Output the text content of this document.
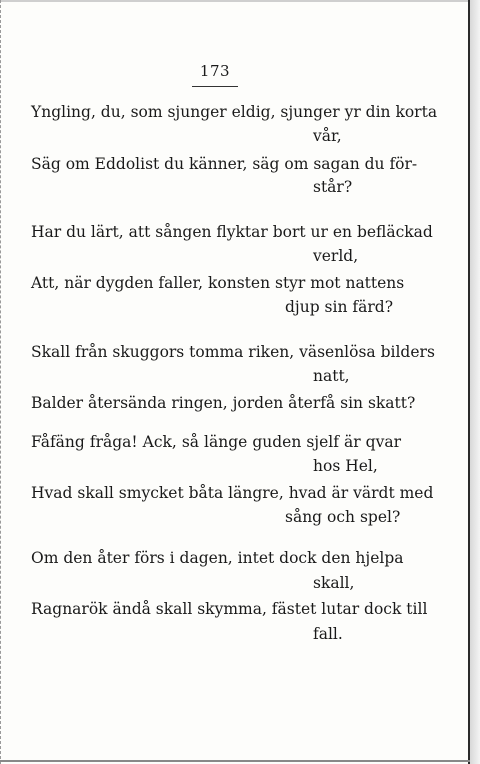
173
Yngling, du, som sjunger eldig, sjunger yr din korta
vår,
Säg om Eddolist du känner, säg om sagan du för-
står?
Har du lärt, att sången flyktar bort ur en befläckad
verld,
Att, när dygden faller, konsten styr mot nattens
djup sin färd?
Skall från skuggors tomma riken, väsenlösa bilders
natt,
Balder återsända ringen, jorden återfå sin skatt?
Fåfäng fråga! Ack, så länge guden sjelf är qvar
hos Hel,
Hvad skall smycket båta längre, hvad är värdt med
sång och spel?
Om den åter förs i dagen, intet dock den hjelpa
skall,
Ragnarök ändå skall skymma, fästet lutar dock till
fall.
